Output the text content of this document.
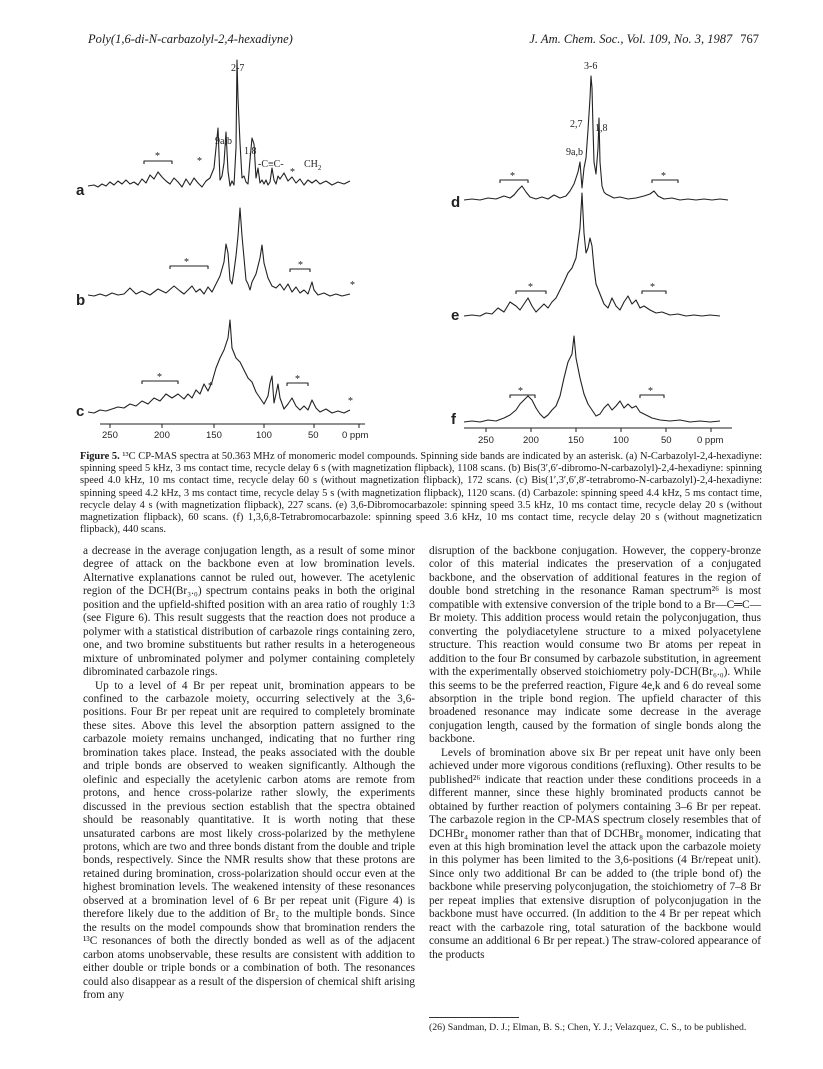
Poly(1,6-di-N-carbazolyl-2,4-hexadiyne)	J. Am. Chem. Soc., Vol. 109, No. 3, 1987 767
a
2-7
9a,b
1,8
-C≡C-
*
$CH_2$
*	*
b
*	*
*
c
*
*
*
*
250	200	150	100	50 0 ppm
d
3-6
2,7 1,8
9a,b
*	*
e
*	*
f
*	*
250	200	150	100	50	0 ppm
Figure 5. ¹³C CP-MAS spectra at 50.363 MHz of monomeric model compounds. Spinning side bands are indicated by an asterisk. (a) N-Carbazolyl-2,4-hexadiyne: spinning speed 5 kHz, 3 ms contact time, recycle delay 6 s (with magnetization flipback), 1108 scans. (b) Bis(3′,6′-dibromo-N-carbazolyl)-2,4-hexadiyne: spinning speed 4.0 kHz, 10 ms contact time, recycle delay 60 s (without magnetization flipback), 172 scans. (c) Bis(1′,3′,6′,8′-tetrabromo-N-carbazolyl)-2,4-hexadiyne: spinning speed 4.2 kHz, 3 ms contact time, recycle delay 5 s (with magnetization flipback), 1120 scans. (d) Carbazole: spinning speed 4.4 kHz, 5 ms contact time, recycle delay 4 s (with magnetization flipback), 227 scans. (e) 3,6-Dibromocarbazole: spinning speed 3.5 kHz, 10 ms contact time, recycle delay 20 s (without magnetization flipback), 60 scans. (f) 1,3,6,8-Tetrabromocarbazole: spinning speed 3.6 kHz, 10 ms contact time, recycle delay 20 s (without magnetizaticn flipback), 440 scans.

a decrease in the average conjugation length, as a result of some minor degree of attack on the backbone even at low bromination levels. Alternative explanations cannot be ruled out, however. The acetylenic region of the DCH(Br₃.₀) spectrum contains peaks in both the original position and the upfield-shifted position with an area ratio of roughly 1:3 (see Figure 6). This result suggests that the reaction does not produce a polymer with a statistical distribution of carbazole rings containing zero, one, and two bromine substituents but rather results in a heterogeneous mixture of unbrominated polymer and polymer containing completely dibrominated carbazole rings.

Up to a level of 4 Br per repeat unit, bromination appears to be confined to the carbazole moiety, occurring selectively at the 3,6-positions. Four Br per repeat unit are required to completely brominate these sites. Above this level the absorption pattern assigned to the carbazole moiety remains unchanged, indicating that no further ring bromination takes place. Instead, the peaks associated with the double and triple bonds are observed to weaken significantly. Although the olefinic and especially the acetylenic carbon atoms are remote from protons, and hence cross-polarize rather slowly, the experiments discussed in the previous section establish that the spectra obtained should be reasonably quantitative. It is worth noting that these unsaturated carbons are most likely cross-polarized by the methylene protons, which are two and three bonds distant from the double and triple bonds, respectively. Since the NMR results show that these protons are retained during bromination, cross-polarization should occur even at the highest bromination levels. The weakened intensity of these resonances observed at a bromination level of 6 Br per repeat unit (Figure 4) is therefore likely due to the addition of Br₂ to the multiple bonds. Since the results on the model compounds show that bromination renders the ¹³C resonances of both the directly bonded as well as of the adjacent carbon atoms unobservable, these results are consistent with addition to either double or triple bonds or a combination of both. The resonances could also disappear as a result of the dispersion of chemical shift arising from any

disruption of the backbone conjugation. However, the coppery-bronze color of this material indicates the preservation of a conjugated backbone, and the observation of additional features in the region of double bond stretching in the resonance Raman spectrum²⁶ is most compatible with extensive conversion of the triple bond to a Br—C═C—Br moiety. This addition process would retain the polyconjugation, thus converting the polydiacetylene structure to a mixed polyacetylene structure. This reaction would consume two Br atoms per repeat in addition to the four Br consumed by carbazole substitution, in agreement with the experimentally observed stoichiometry poly-DCH(Br₆.₀). While this seems to be the preferred reaction, Figure 4e,k and 6 do reveal some absorption in the triple bond region. The upfield character of this broadened resonance may indicate some decrease in the average conjugation length, caused by the formation of single bonds along the backbone.

Levels of bromination above six Br per repeat unit have only been achieved under more vigorous conditions (refluxing). Other results to be published²⁶ indicate that reaction under these conditions proceeds in a different manner, since these highly brominated products cannot be obtained by further reaction of polymers containing 3–6 Br per repeat. The carbazole region in the CP-MAS spectrum closely resembles that of DCHBr₄ monomer rather than that of DCHBr₈ monomer, indicating that even at this high bromination level the attack upon the carbazole moiety in this polymer has been limited to the 3,6-positions (4 Br/repeat unit). Since only two additional Br can be added to (the triple bond of) the backbone while preserving polyconjugation, the stoichiometry of 7–8 Br per repeat implies that extensive disruption of polyconjugation in the backbone must have occurred. (In addition to the 4 Br per repeat which react with the carbazole ring, total saturation of the backbone would consume an additional 6 Br per repeat.) The straw-colored appearance of the products

(26) Sandman, D. J.; Elman, B. S.; Chen, Y. J.; Velazquez, C. S., to be published.
